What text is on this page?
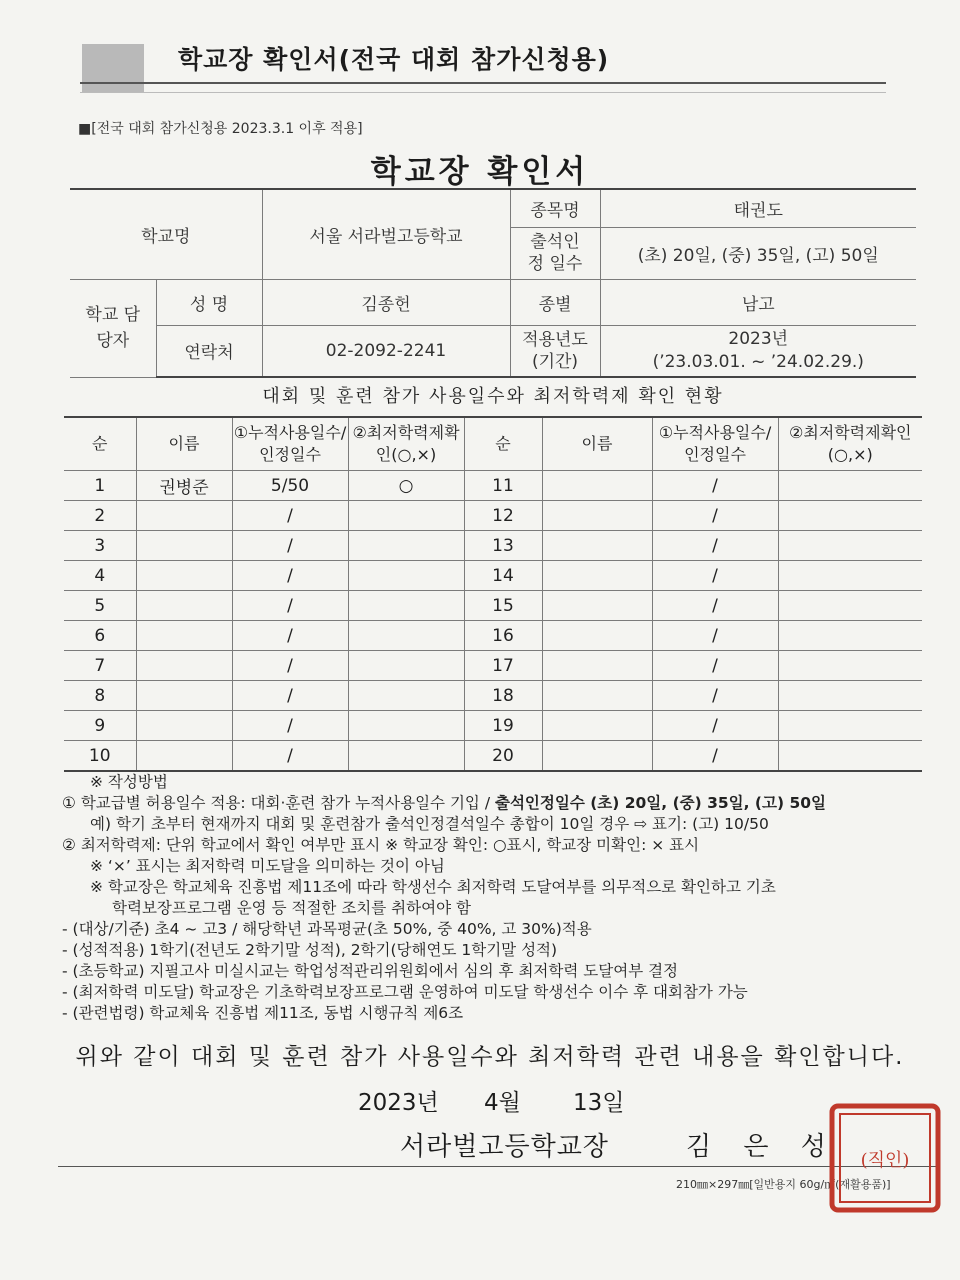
학교장 확인서(전국 대회 참가신청용)
■[전국 대회 참가신청용 2023.3.1 이후 적용]
학교장 확인서
학교명		서울 서라벌고등학교	종목명	태권도
			출석인정 일수	(초) 20일, (중) 35일, (고) 50일
학교 담당자	성 명	김종헌	종별	남고
	연락처	02-2092-2241	적용년도 (기간)	2023년
(’23.03.01. ~ ’24.02.29.)
대회 및 훈련 참가 사용일수와 최저학력제 확인 현황
순	이름	①누적사용일수/인정일수	②최저학력제확인(○,×)	순	이름	①누적사용일수/인정일수	②최저학력제확인(○,×)
1	권병준	5/50	○	11		/	
2		/		12		/	
3		/		13		/	
4		/		14		/	
5		/		15		/	
6		/		16		/	
7		/		17		/	
8		/		18		/	
9		/		19		/	
10		/		20		/	
※ 작성방법
① 학교급별 허용일수 적용: 대회·훈련 참가 누적사용일수 기입 / 출석인정일수 (초) 20일, (중) 35일, (고) 50일
예) 학기 초부터 현재까지 대회 및 훈련참가 출석인정결석일수 총합이 10일 경우 ⇨ 표기: (고) 10/50
② 최저학력제: 단위 학교에서 확인 여부만 표시 ※ 학교장 확인: ○표시, 학교장 미확인: × 표시
※ ‘×’ 표시는 최저학력 미도달을 의미하는 것이 아님
※ 학교장은 학교체육 진흥법 제11조에 따라 학생선수 최저학력 도달여부를 의무적으로 확인하고 기초
학력보장프로그램 운영 등 적절한 조치를 취하여야 함
- (대상/기준) 초4 ~ 고3 / 해당학년 과목평균(초 50%, 중 40%, 고 30%)적용
- (성적적용) 1학기(전년도 2학기말 성적), 2학기(당해연도 1학기말 성적)
- (초등학교) 지필고사 미실시교는 학업성적관리위원회에서 심의 후 최저학력 도달여부 결정
- (최저학력 미도달) 학교장은 기초학력보장프로그램 운영하여 미도달 학생선수 이수 후 대회참가 가능
- (관련법령) 학교체육 진흥법 제11조, 동법 시행규칙 제6조
위와 같이 대회 및 훈련 참가 사용일수와 최저학력 관련 내용을 확인합니다.
2023년 4월 13일
서라벌고등학교장	김 은 성
210㎜×297㎜[일반용지 60g/㎡(재활용품)]
(직인)
